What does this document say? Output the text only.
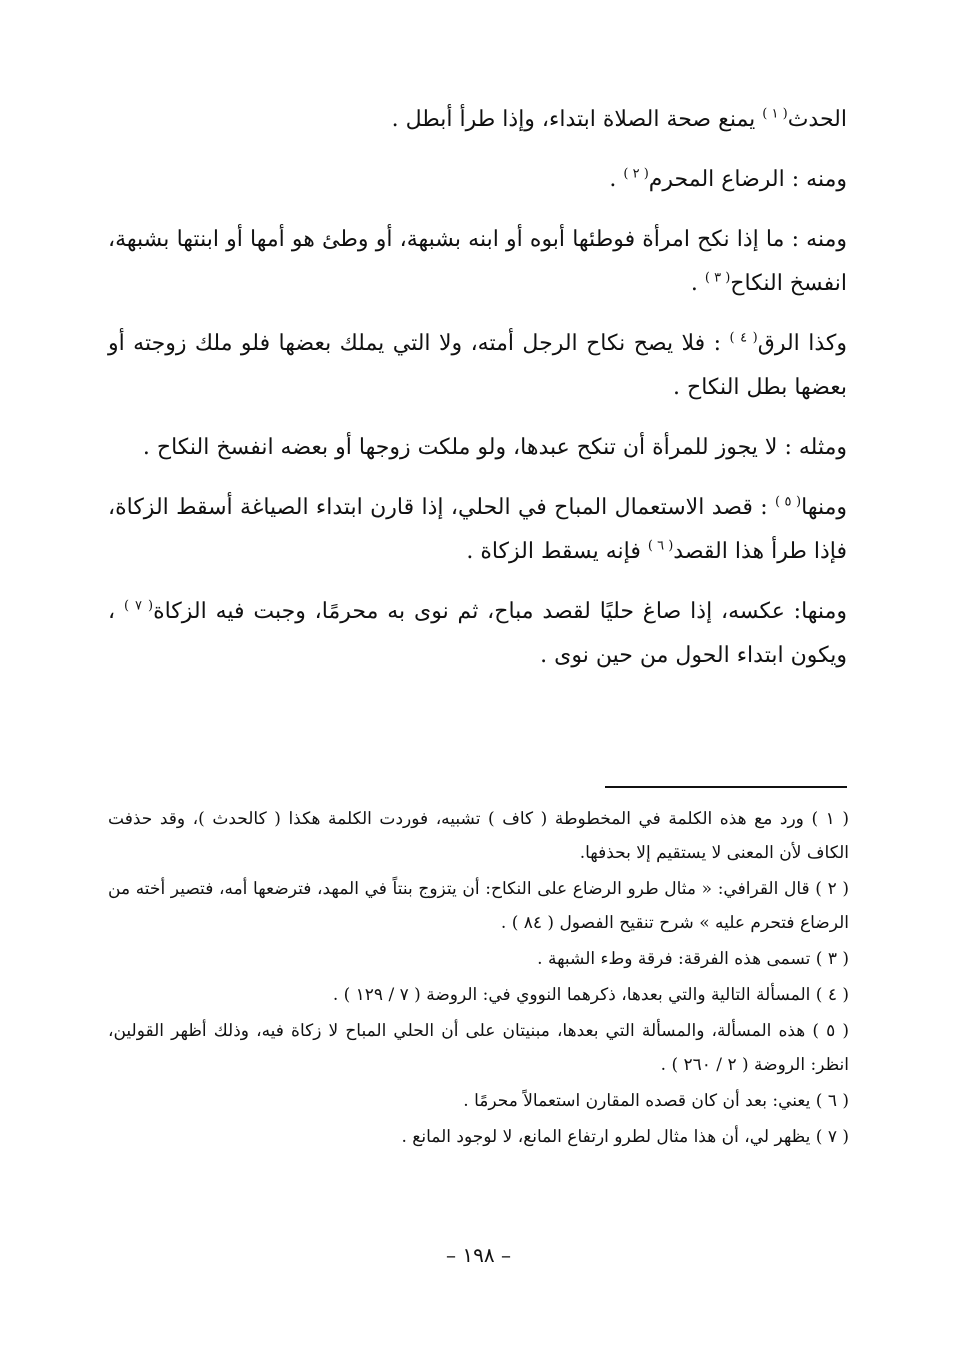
الحدث$^{( ١ )}$ يمنع صحة الصلاة ابتداء، وإذا طرأ أبطل .

ومنه : الرضاع المحرم$^{( ٢ )}$ .

ومنه : ما إذا نكح امرأة فوطئها أبوه أو ابنه بشبهة، أو وطئ هو أمها أو ابنتها بشبهة، انفسخ النكاح$^{( ٣ )}$ .

وكذا الرق$^{( ٤ )}$ : فلا يصح نكاح الرجل أمته، ولا التي يملك بعضها فلو ملك زوجته أو بعضها بطل النكاح .

ومثله : لا يجوز للمرأة أن تنكح عبدها، ولو ملكت زوجها أو بعضه انفسخ النكاح .

ومنها$^{( ٥ )}$ : قصد الاستعمال المباح في الحلي، إذا قارن ابتداء الصياغة أسقط الزكاة، فإذا طرأ هذا القصد$^{( ٦ )}$ فإنه يسقط الزكاة .

ومنها: عكسه، إذا صاغ حليًا لقصد مباح، ثم نوى به محرمًا، وجبت فيه الزكاة$^{( ٧ )}$ ، ويكون ابتداء الحول من حين نوى .

( ١ ) ورد مع هذه الكلمة في المخطوطة ( كاف ) تشبيه، فوردت الكلمة هكذا ( كالحدث )، وقد حذفت الكاف لأن المعنى لا يستقيم إلا بحذفها.

( ٢ ) قال القرافي: « مثال طرو الرضاع على النكاح: أن يتزوج بنتاً في المهد، فترضعها أمه، فتصير أخته من الرضاع فتحرم عليه » شرح تنقيح الفصول ( ٨٤ ) .

( ٣ ) تسمى هذه الفرقة: فرقة وطء الشبهة .

( ٤ ) المسألة التالية والتي بعدها، ذكرهما النووي في: الروضة ( ٧ / ١٢٩ ) .

( ٥ ) هذه المسألة، والمسألة التي بعدها، مبنيتان على أن الحلي المباح لا زكاة فيه، وذلك أظهر القولين، انظر: الروضة ( ٢ / ٢٦٠ ) .

( ٦ ) يعني: بعد أن كان قصده المقارن استعمالاً محرمًا .

( ٧ ) يظهر لي، أن هذا مثال لطرو ارتفاع المانع، لا لوجود المانع .

– ١٩٨ –
